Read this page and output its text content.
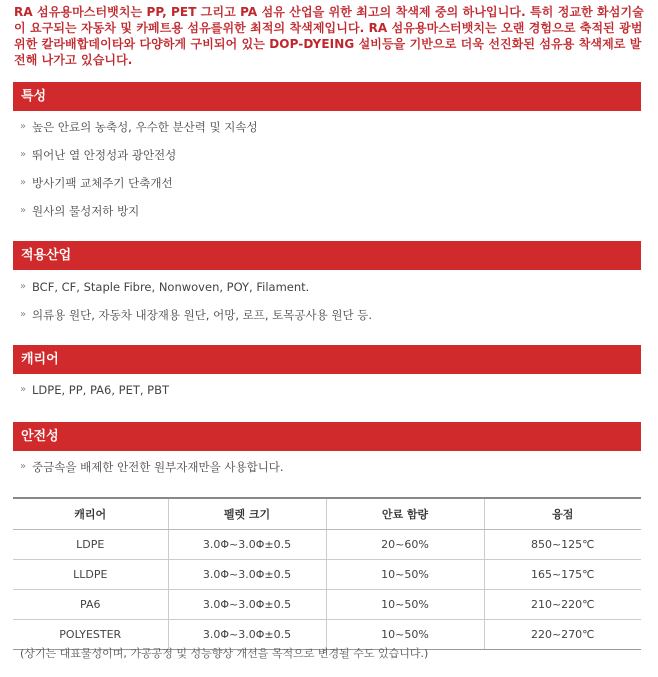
RA 섬유용마스터뱃치는 PP, PET 그리고 PA 섬유 산업을 위한 최고의 착색제 중의 하나입니다. 특히 정교한 화섬기술이 요구되는 자동차 및 카페트용 섬유를위한 최적의 착색제입니다. RA 섬유용마스터뱃치는 오랜 경험으로 축적된 광범위한 칼라배합데이타와 다양하게 구비되어 있는 DOP-DYEING 설비등을 기반으로 더욱 선진화된 섬유용 착색제로 발전해 나가고 있습니다.
특성
» 높은 안료의 농축성, 우수한 분산력 및 지속성
» 뛰어난 열 안정성과 광안전성
» 방사기팩 교체주기 단축개선
» 원사의 물성저하 방지
적용산업
» BCF, CF, Staple Fibre, Nonwoven, POY, Filament.
» 의류용 원단, 자동차 내장재용 원단, 어망, 로프, 토목공사용 원단 등.
캐리어
» LDPE, PP, PA6, PET, PBT
안전성
» 중금속을 배제한 안전한 원부자재만을 사용합니다.
캐리어	펠렛 크기	안료 함량	융점
LDPE	3.0Φ~3.0Φ±0.5	20~60%	850~125℃
LLDPE	3.0Φ~3.0Φ±0.5	10~50%	165~175℃
PA6	3.0Φ~3.0Φ±0.5	10~50%	210~220℃
POLYESTER	3.0Φ~3.0Φ±0.5	10~50%	220~270℃
(상기는 대표물성이며, 가공공정 및 성능향상 개선을 목적으로 변경될 수도 있습니다.)
